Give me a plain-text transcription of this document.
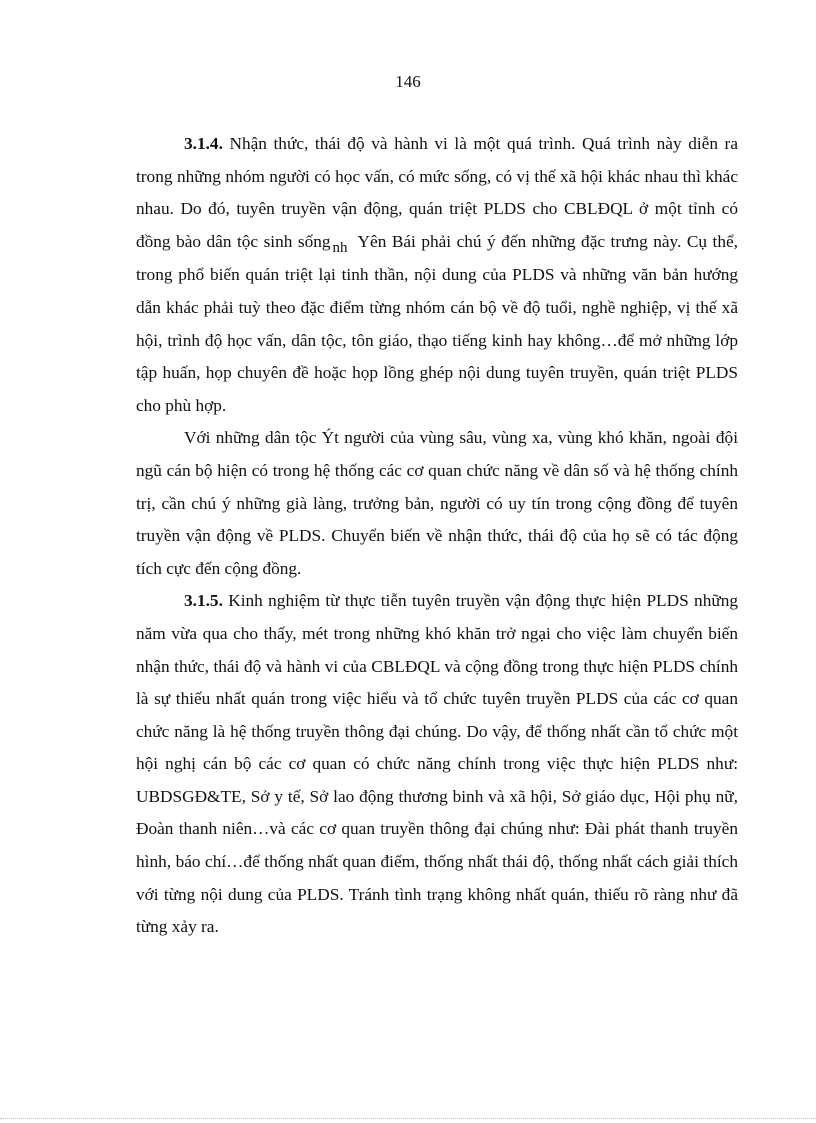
146

3.1.4. Nhận thức, thái độ và hành vi là một quá trình. Quá trình này diễn ra trong những nhóm người có học vấn, có mức sống, có vị thế xã hội khác nhau thì khác nhau. Do đó, tuyên truyền vận động, quán triệt PLDS cho CBLĐQL ở một tỉnh có đồng bào dân tộc sinh sống nh Yên Bái phải chú ý đến những đặc trưng này. Cụ thể, trong phổ biến quán triệt lại tinh thần, nội dung của PLDS và những văn bản hướng dẫn khác phải tuỳ theo đặc điểm từng nhóm cán bộ về độ tuổi, nghề nghiệp, vị thế xã hội, trình độ học vấn, dân tộc, tôn giáo, thạo tiếng kinh hay không…để mở những lớp tập huấn, họp chuyên đề hoặc họp lồng ghép nội dung tuyên truyền, quán triệt PLDS cho phù hợp.

Với những dân tộc Ýt người của vùng sâu, vùng xa, vùng khó khăn, ngoài đội ngũ cán bộ hiện có trong hệ thống các cơ quan chức năng về dân số và hệ thống chính trị, cần chú ý những già làng, trưởng bản, người có uy tín trong cộng đồng để tuyên truyền vận động về PLDS. Chuyển biến về nhận thức, thái độ của họ sẽ có tác động tích cực đến cộng đồng.

3.1.5. Kinh nghiệm từ thực tiễn tuyên truyền vận động thực hiện PLDS những năm vừa qua cho thấy, mét trong những khó khăn trở ngại cho việc làm chuyển biến nhận thức, thái độ và hành vi của CBLĐQL và cộng đồng trong thực hiện PLDS chính là sự thiếu nhất quán trong việc hiểu và tổ chức tuyên truyền PLDS của các cơ quan chức năng là hệ thống truyền thông đại chúng. Do vậy, để thống nhất cần tổ chức một hội nghị cán bộ các cơ quan có chức năng chính trong việc thực hiện PLDS như: UBDSGĐ&TE, Sở y tế, Sở lao động thương binh và xã hội, Sở giáo dục, Hội phụ nữ, Đoàn thanh niên…và các cơ quan truyền thông đại chúng như: Đài phát thanh truyền hình, báo chí…để thống nhất quan điểm, thống nhất thái độ, thống nhất cách giải thích với từng nội dung của PLDS. Tránh tình trạng không nhất quán, thiếu rõ ràng như đã từng xảy ra.
